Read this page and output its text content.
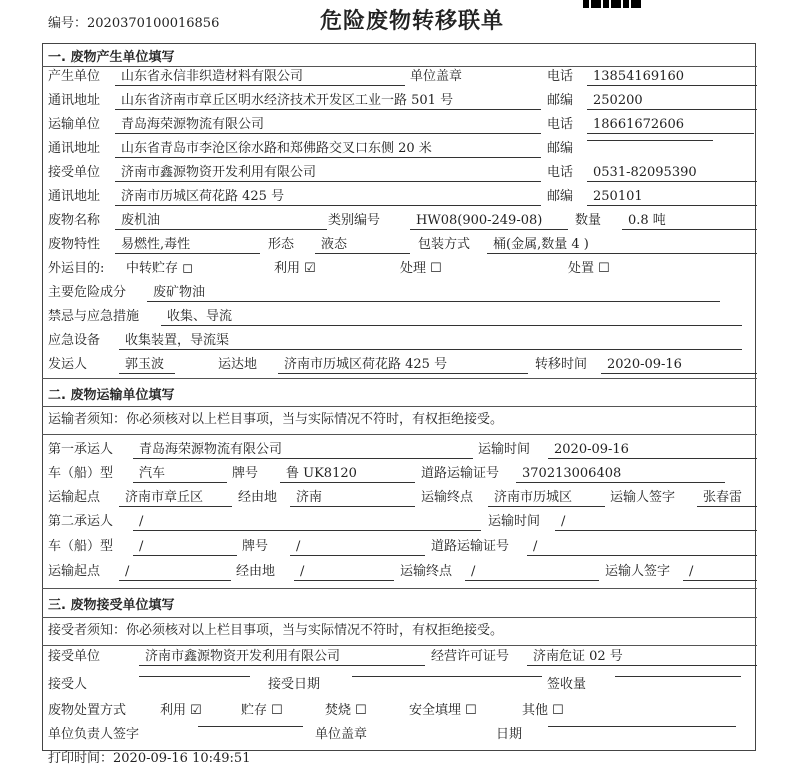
编号：2020370100016856	危险废物转移联单
一. 废物产生单位填写
产生单位	山东省永信非织造材料有限公司	单位盖章	电话	13854169160
通讯地址	山东省济南市章丘区明水经济技术开发区工业一路 501 号	邮编	250200
运输单位	青岛海荣源物流有限公司	电话	18661672606
通讯地址	山东省青岛市李沧区徐水路和郑佛路交叉口东侧 20 米	邮编
接受单位	济南市鑫源物资开发利用有限公司	电话	0531-82095390
通讯地址	济南市历城区荷花路 425 号	邮编	250101
废物名称	废机油	类别编号	HW08(900-249-08)	数量	0.8 吨
废物特性	易燃性,毒性	形态	液态	包装方式	桶(金属,数量 4 )
外运目的: 中转贮存 ◻	利用 ☑	处理 ☐	处置 ☐
主要危险成分	废矿物油
禁忌与应急措施	收集、导流
应急设备	收集装置，导流渠
发运人	郭玉波	运达地	济南市历城区荷花路 425 号	转移时间	2020-09-16
二. 废物运输单位填写
运输者须知：你必须核对以上栏目事项，当与实际情况不符时，有权拒绝接受。
第一承运人	青岛海荣源物流有限公司	运输时间	2020-09-16
车（船）型	汽车	牌号	鲁 UK8120	道路运输证号	370213006408
运输起点	济南市章丘区	经由地	济南	运输终点	济南市历城区	运输人签字	张春雷
第二承运人	/	运输时间	/
车（船）型	/	牌号	/	道路运输证号	/
运输起点	/	经由地	/	运输终点	/	运输人签字	/
三. 废物接受单位填写
接受者须知：你必须核对以上栏目事项，当与实际情况不符时，有权拒绝接受。
接受单位	济南市鑫源物资开发利用有限公司	经营许可证号	济南危证 02 号
接受人	接受日期	签收量
废物处置方式	利用 ☑	贮存 ☐	焚烧 ☐	安全填埋 ☐	其他 ☐
单位负责人签字	单位盖章	日期
打印时间：2020-09-16 10:49:51
